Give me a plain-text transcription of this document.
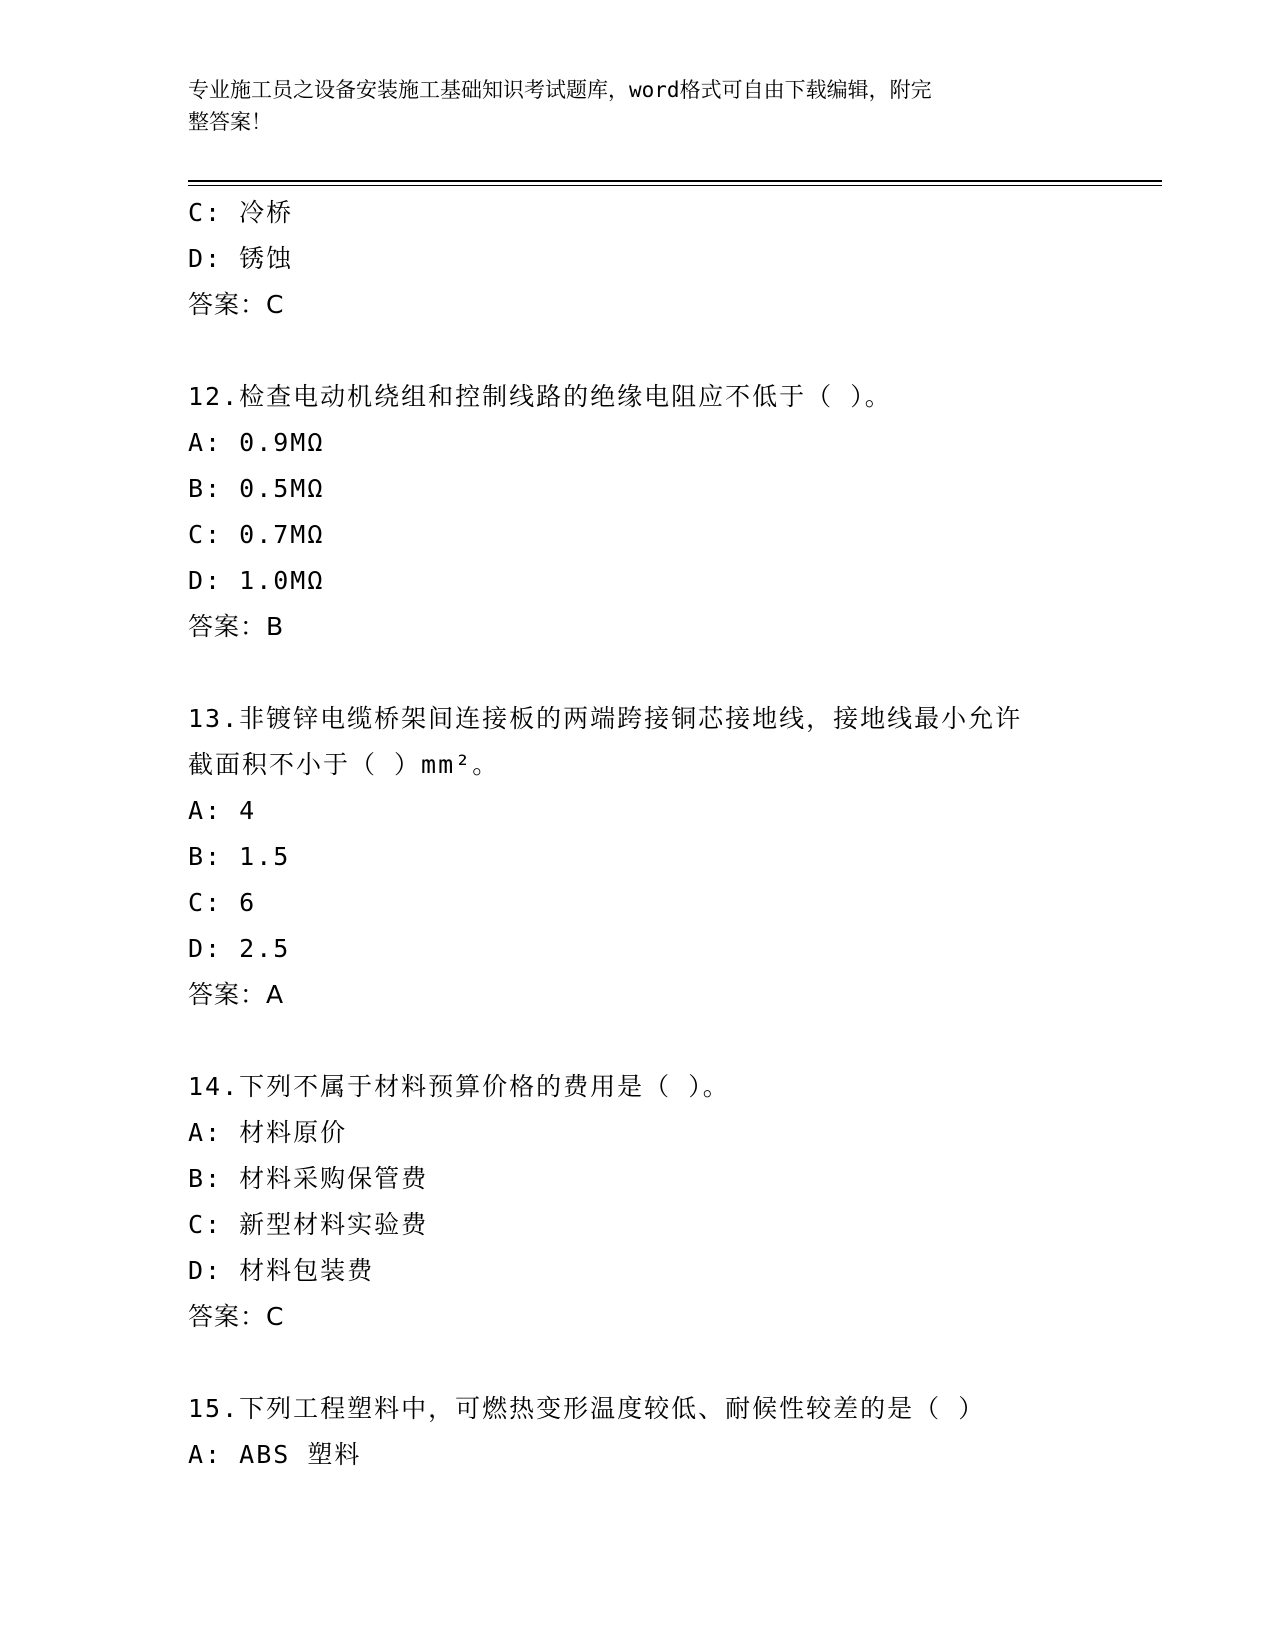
专业施工员之设备安装施工基础知识考试题库，word格式可自由下载编辑，附完
整答案！
C: 冷桥
D: 锈蚀
答案：C
12.检查电动机绕组和控制线路的绝缘电阻应不低于（ ）。
A: 0.9MΩ
B: 0.5MΩ
C: 0.7MΩ
D: 1.0MΩ
答案：B
13.非镀锌电缆桥架间连接板的两端跨接铜芯接地线，接地线最小允许
截面积不小于（ ）mm²。
A: 4
B: 1.5
C: 6
D: 2.5
答案：A
14.下列不属于材料预算价格的费用是（ ）。
A: 材料原价
B: 材料采购保管费
C: 新型材料实验费
D: 材料包装费
答案：C
15.下列工程塑料中，可燃热变形温度较低、耐候性较差的是（ ）
A: ABS 塑料
